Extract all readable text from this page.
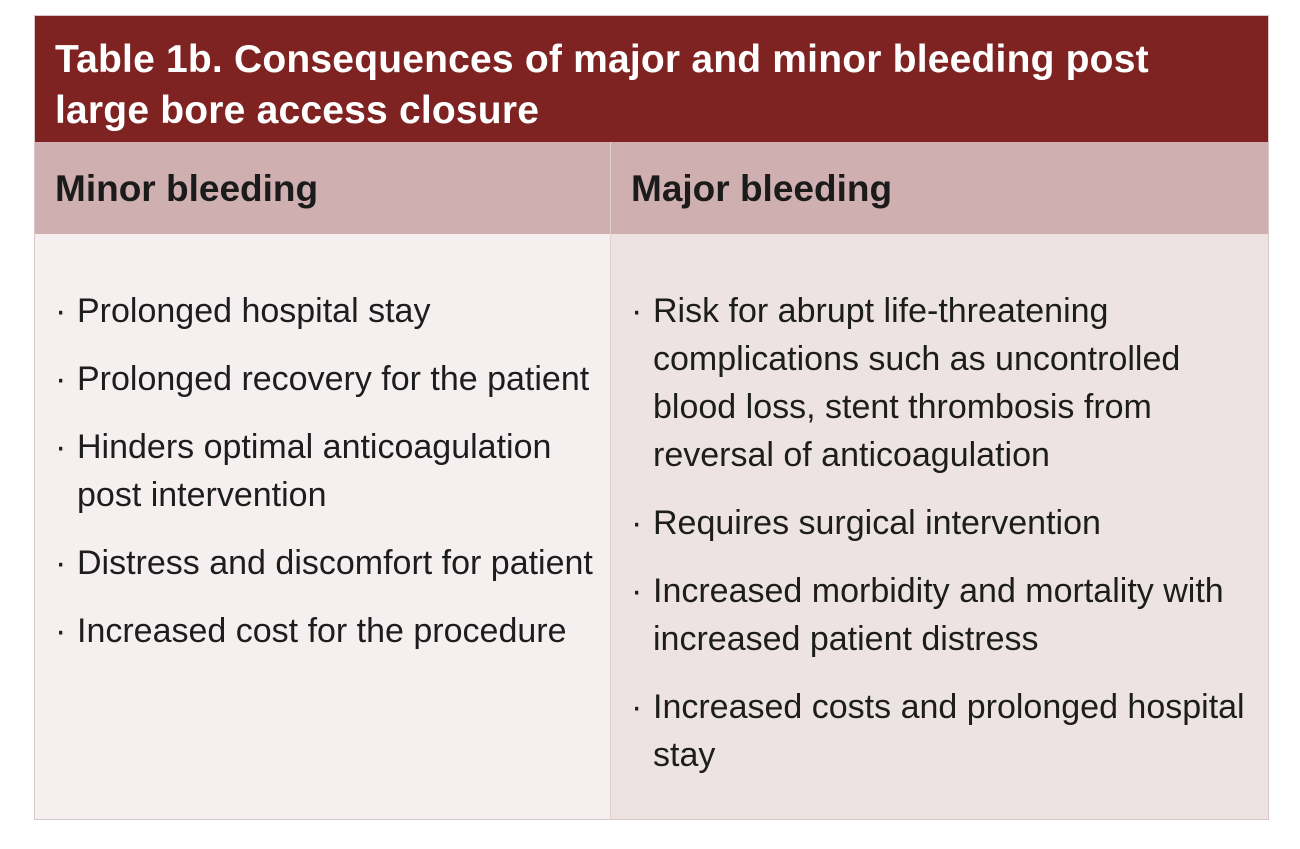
Table 1b. Consequences of major and minor bleeding post large bore access closure
Minor bleeding	Major bleeding
· Prolonged hospital stay
· Prolonged recovery for the patient
· Hinders optimal anticoagulation post intervention
· Distress and discomfort for patient
· Increased cost for the procedure
· Risk for abrupt life-threatening complications such as uncontrolled blood loss, stent thrombosis from reversal of anticoagulation
· Requires surgical intervention
· Increased morbidity and mortality with increased patient distress
· Increased costs and prolonged hospital stay
